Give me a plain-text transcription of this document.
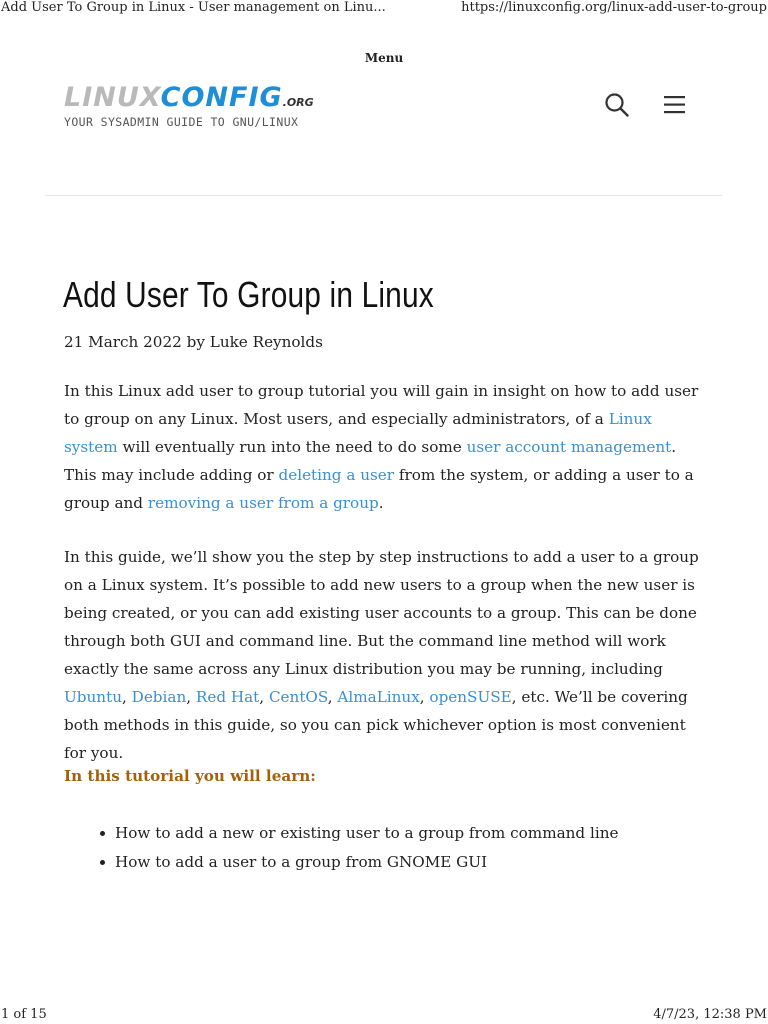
Add User To Group in Linux - User management on Linu...	https://linuxconfig.org/linux-add-user-to-group
Menu
LINUXCONFIG.ORG
YOUR SYSADMIN GUIDE TO GNU/LINUX
Add User To Group in Linux
21 March 2022 by Luke Reynolds
In this Linux add user to group tutorial you will gain in insight on how to add user to group on any Linux. Most users, and especially administrators, of a Linux system will eventually run into the need to do some user account management. This may include adding or deleting a user from the system, or adding a user to a group and removing a user from a group.
In this guide, we’ll show you the step by step instructions to add a user to a group on a Linux system. It’s possible to add new users to a group when the new user is being created, or you can add existing user accounts to a group. This can be done through both GUI and command line. But the command line method will work exactly the same across any Linux distribution you may be running, including Ubuntu, Debian, Red Hat, CentOS, AlmaLinux, openSUSE, etc. We’ll be covering both methods in this guide, so you can pick whichever option is most convenient for you.
In this tutorial you will learn:
How to add a new or existing user to a group from command line
How to add a user to a group from GNOME GUI
1 of 15	4/7/23, 12:38 PM
